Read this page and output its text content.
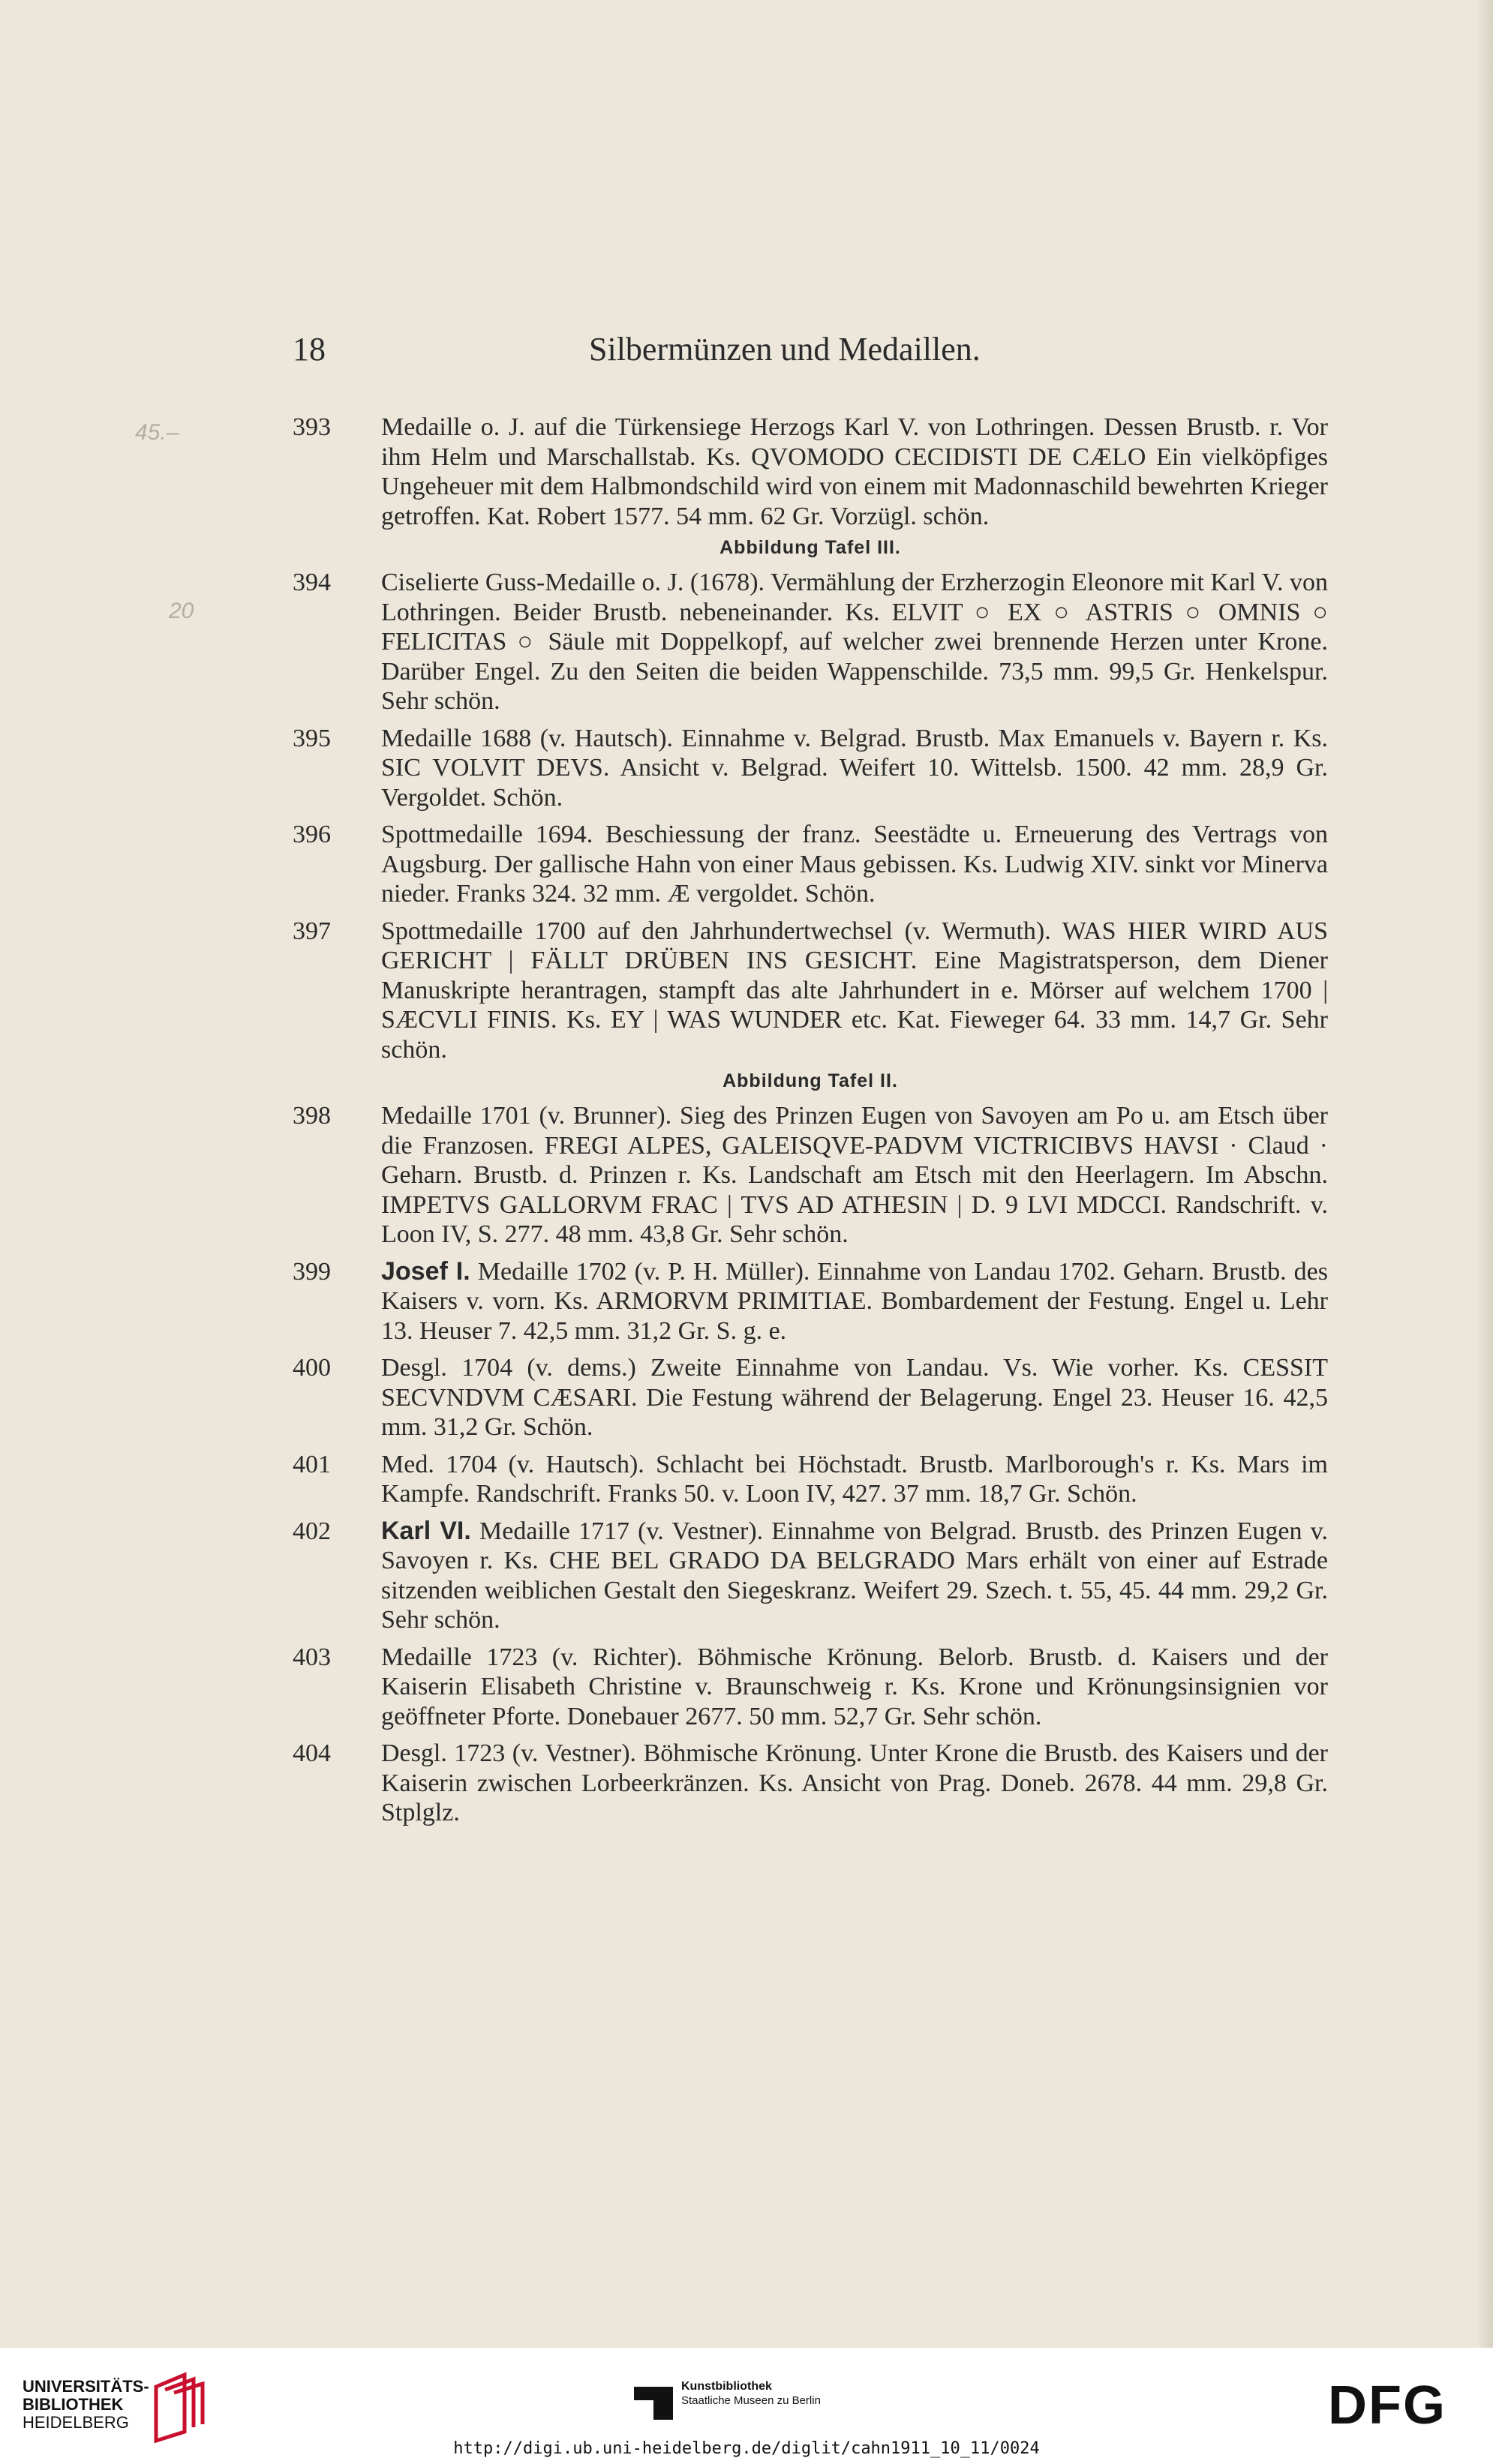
45.–
20
18	Silbermünzen und Medaillen.
393 Medaille o. J. auf die Türkensiege Herzogs Karl V. von Lothringen. Dessen Brustb. r. Vor ihm Helm und Marschallstab. Ks. QVOMODO CECIDISTI DE CÆLO Ein vielköpfiges Ungeheuer mit dem Halbmondschild wird von einem mit Madonnaschild bewehrten Krieger getroffen. Kat. Robert 1577. 54 mm. 62 Gr. Vorzügl. schön.
Abbildung Tafel III.
394 Ciselierte Guss-Medaille o. J. (1678). Vermählung der Erzherzogin Eleonore mit Karl V. von Lothringen. Beider Brustb. nebeneinander. Ks. ELVIT ○ EX ○ ASTRIS ○ OMNIS ○ FELICITAS ○ Säule mit Doppelkopf, auf welcher zwei brennende Herzen unter Krone. Darüber Engel. Zu den Seiten die beiden Wappenschilde. 73,5 mm. 99,5 Gr. Henkelspur. Sehr schön.
395 Medaille 1688 (v. Hautsch). Einnahme v. Belgrad. Brustb. Max Emanuels v. Bayern r. Ks. SIC VOLVIT DEVS. Ansicht v. Belgrad. Weifert 10. Wittelsb. 1500. 42 mm. 28,9 Gr. Vergoldet. Schön.
396 Spottmedaille 1694. Beschiessung der franz. Seestädte u. Erneuerung des Vertrags von Augsburg. Der gallische Hahn von einer Maus gebissen. Ks. Ludwig XIV. sinkt vor Minerva nieder. Franks 324. 32 mm. Æ vergoldet. Schön.
397 Spottmedaille 1700 auf den Jahrhundertwechsel (v. Wermuth). WAS HIER WIRD AUS GERICHT | FÄLLT DRÜBEN INS GESICHT. Eine Magistratsperson, dem Diener Manuskripte herantragen, stampft das alte Jahrhundert in e. Mörser auf welchem 1700 | SÆCVLI FINIS. Ks. EY | WAS WUNDER etc. Kat. Fieweger 64. 33 mm. 14,7 Gr. Sehr schön.
Abbildung Tafel II.
398 Medaille 1701 (v. Brunner). Sieg des Prinzen Eugen von Savoyen am Po u. am Etsch über die Franzosen. FREGI ALPES, GALEISQVE-PADVM VICTRICIBVS HAVSI · Claud · Geharn. Brustb. d. Prinzen r. Ks. Landschaft am Etsch mit den Heerlagern. Im Abschn. IMPETVS GALLORVM FRAC | TVS AD ATHESIN | D. 9 LVI MDCCI. Randschrift. v. Loon IV, S. 277. 48 mm. 43,8 Gr. Sehr schön.
399 Josef I. Medaille 1702 (v. P. H. Müller). Einnahme von Landau 1702. Geharn. Brustb. des Kaisers v. vorn. Ks. ARMORVM PRIMITIAE. Bombardement der Festung. Engel u. Lehr 13. Heuser 7. 42,5 mm. 31,2 Gr. S. g. e.
400 Desgl. 1704 (v. dems.) Zweite Einnahme von Landau. Vs. Wie vorher. Ks. CESSIT SECVNDVM CÆSARI. Die Festung während der Belagerung. Engel 23. Heuser 16. 42,5 mm. 31,2 Gr. Schön.
401 Med. 1704 (v. Hautsch). Schlacht bei Höchstadt. Brustb. Marlborough's r. Ks. Mars im Kampfe. Randschrift. Franks 50. v. Loon IV, 427. 37 mm. 18,7 Gr. Schön.
402 Karl VI. Medaille 1717 (v. Vestner). Einnahme von Belgrad. Brustb. des Prinzen Eugen v. Savoyen r. Ks. CHE BEL GRADO DA BELGRADO Mars erhält von einer auf Estrade sitzenden weiblichen Gestalt den Siegeskranz. Weifert 29. Szech. t. 55, 45. 44 mm. 29,2 Gr. Sehr schön.
403 Medaille 1723 (v. Richter). Böhmische Krönung. Belorb. Brustb. d. Kaisers und der Kaiserin Elisabeth Christine v. Braunschweig r. Ks. Krone und Krönungsinsignien vor geöffneter Pforte. Donebauer 2677. 50 mm. 52,7 Gr. Sehr schön.
404 Desgl. 1723 (v. Vestner). Böhmische Krönung. Unter Krone die Brustb. des Kaisers und der Kaiserin zwischen Lorbeerkränzen. Ks. Ansicht von Prag. Doneb. 2678. 44 mm. 29,8 Gr. Stplglz.
UNIVERSITÄTS-
BIBLIOTHEK
HEIDELBERG
Kunstbibliothek
Staatliche Museen zu Berlin	DFG
http://digi.ub.uni-heidelberg.de/diglit/cahn1911_10_11/0024
